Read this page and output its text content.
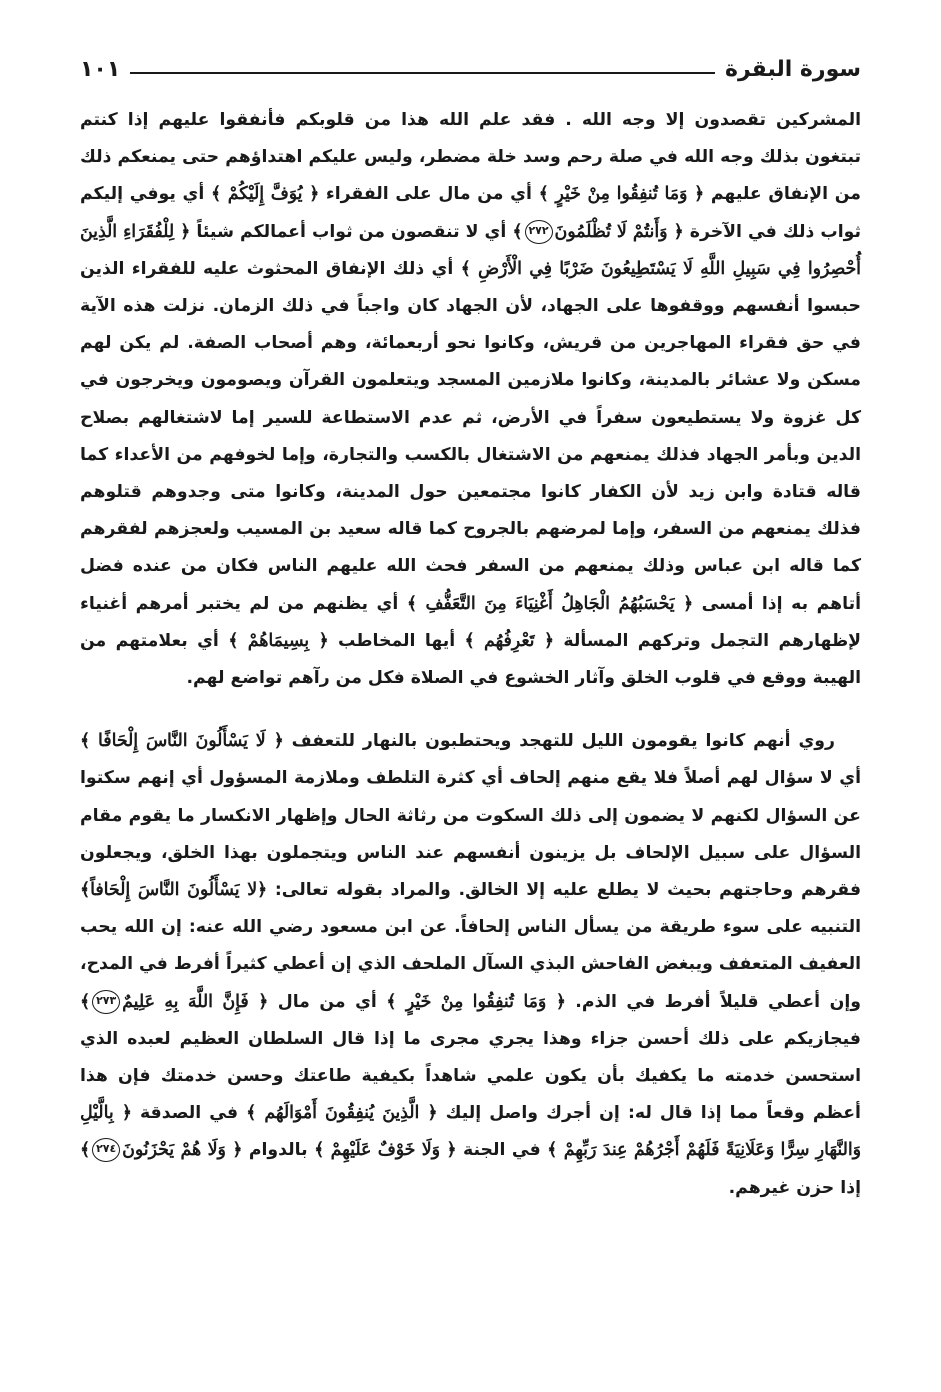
سورة البقرة
١٠١

المشركين تقصدون إلا وجه الله . فقد علم الله هذا من قلوبكم فأنفقوا عليهم إذا كنتم تبتغون بذلك وجه الله في صلة رحم وسد خلة مضطر، وليس عليكم اهتداؤهم حتى يمنعكم ذلك من الإنفاق عليهم ﴿ وَمَا تُنفِقُوا مِنْ خَيْرٍ ﴾ أي من مال على الفقراء ﴿ يُوَفَّ إِلَيْكُمْ ﴾ أي يوفي إليكم ثواب ذلك في الآخرة ﴿ وَأَنتُمْ لَا تُظْلَمُونَ٢٧٢﴾ أي لا تنقصون من ثواب أعمالكم شيئاً ﴿ لِلْفُقَرَاءِ الَّذِينَ أُحْصِرُوا فِي سَبِيلِ اللَّهِ لَا يَسْتَطِيعُونَ ضَرْبًا فِي الْأَرْضِ ﴾ أي ذلك الإنفاق المحثوث عليه للفقراء الذين حبسوا أنفسهم ووقفوها على الجهاد، لأن الجهاد كان واجباً في ذلك الزمان. نزلت هذه الآية في حق فقراء المهاجرين من قريش، وكانوا نحو أربعمائة، وهم أصحاب الصفة. لم يكن لهم مسكن ولا عشائر بالمدينة، وكانوا ملازمين المسجد ويتعلمون القرآن ويصومون ويخرجون في كل غزوة ولا يستطيعون سفراً في الأرض، ثم عدم الاستطاعة للسير إما لاشتغالهم بصلاح الدين وبأمر الجهاد فذلك يمنعهم من الاشتغال بالكسب والتجارة، وإما لخوفهم من الأعداء كما قاله قتادة وابن زيد لأن الكفار كانوا مجتمعين حول المدينة، وكانوا متى وجدوهم قتلوهم فذلك يمنعهم من السفر، وإما لمرضهم بالجروح كما قاله سعيد بن المسيب ولعجزهم لفقرهم كما قاله ابن عباس وذلك يمنعهم من السفر فحث الله عليهم الناس فكان من عنده فضل أتاهم به إذا أمسى ﴿ يَحْسَبُهُمُ الْجَاهِلُ أَغْنِيَاءَ مِنَ التَّعَفُّفِ ﴾ أي يظنهم من لم يختبر أمرهم أغنياء لإظهارهم التجمل وتركهم المسألة ﴿ تَعْرِفُهُم ﴾ أيها المخاطب ﴿ بِسِيمَاهُمْ ﴾ أي بعلامتهم من الهيبة ووقع في قلوب الخلق وآثار الخشوع في الصلاة فكل من رآهم تواضع لهم.

روي أنهم كانوا يقومون الليل للتهجد ويحتطبون بالنهار للتعفف ﴿ لَا يَسْأَلُونَ النَّاسَ إِلْحَافًا ﴾ أي لا سؤال لهم أصلاً فلا يقع منهم إلحاف أي كثرة التلطف وملازمة المسؤول أي إنهم سكتوا عن السؤال لكنهم لا يضمون إلى ذلك السكوت من رثاثة الحال وإظهار الانكسار ما يقوم مقام السؤال على سبيل الإلحاف بل يزينون أنفسهم عند الناس ويتجملون بهذا الخلق، ويجعلون فقرهم وحاجتهم بحيث لا يطلع عليه إلا الخالق. والمراد بقوله تعالى: ﴿لا يَسْأَلُونَ النَّاسَ إِلْحَافاً﴾ التنبيه على سوء طريقة من يسأل الناس إلحافاً. عن ابن مسعود رضي الله عنه: إن الله يحب العفيف المتعفف ويبغض الفاحش البذي السآل الملحف الذي إن أعطي كثيراً أفرط في المدح، وإن أعطي قليلاً أفرط في الذم. ﴿ وَمَا تُنفِقُوا مِنْ خَيْرٍ ﴾ أي من مال ﴿ فَإِنَّ اللَّهَ بِهِ عَلِيمٌ٢٧٣﴾ فيجازيكم على ذلك أحسن جزاء وهذا يجري مجرى ما إذا قال السلطان العظيم لعبده الذي استحسن خدمته ما يكفيك بأن يكون علمي شاهداً بكيفية طاعتك وحسن خدمتك فإن هذا أعظم وقعاً مما إذا قال له: إن أجرك واصل إليك ﴿ الَّذِينَ يُنفِقُونَ أَمْوَالَهُم ﴾ في الصدقة ﴿ بِالَّيْلِ وَالنَّهَارِ سِرًّا وَعَلَانِيَةً فَلَهُمْ أَجْرُهُمْ عِندَ رَبِّهِمْ ﴾ في الجنة ﴿ وَلَا خَوْفٌ عَلَيْهِمْ ﴾ بالدوام ﴿ وَلَا هُمْ يَحْزَنُونَ٢٧٤﴾ إذا حزن غيرهم.
